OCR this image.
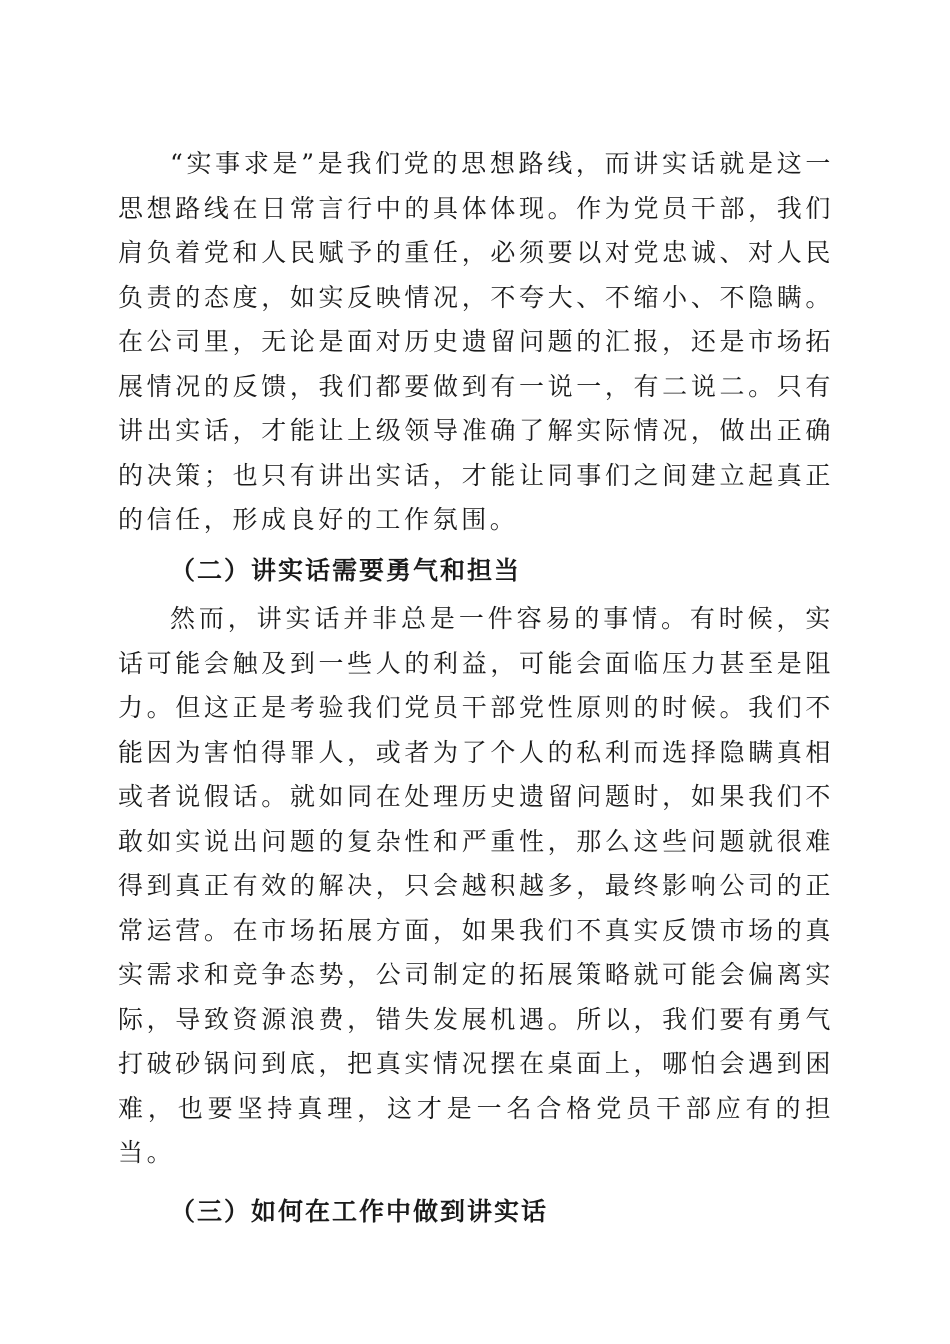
“实事求是”是我们党的思想路线，而讲实话就是这一思想路线在日常言行中的具体体现。作为党员干部，我们肩负着党和人民赋予的重任，必须要以对党忠诚、对人民负责的态度，如实反映情况，不夸大、不缩小、不隐瞒。在公司里，无论是面对历史遗留问题的汇报，还是市场拓展情况的反馈，我们都要做到有一说一，有二说二。只有讲出实话，才能让上级领导准确了解实际情况，做出正确的决策；也只有讲出实话，才能让同事们之间建立起真正的信任，形成良好的工作氛围。

（二）讲实话需要勇气和担当

然而，讲实话并非总是一件容易的事情。有时候，实话可能会触及到一些人的利益，可能会面临压力甚至是阻力。但这正是考验我们党员干部党性原则的时候。我们不能因为害怕得罪人，或者为了个人的私利而选择隐瞒真相或者说假话。就如同在处理历史遗留问题时，如果我们不敢如实说出问题的复杂性和严重性，那么这些问题就很难得到真正有效的解决，只会越积越多，最终影响公司的正常运营。在市场拓展方面，如果我们不真实反馈市场的真实需求和竞争态势，公司制定的拓展策略就可能会偏离实际，导致资源浪费，错失发展机遇。所以，我们要有勇气打破砂锅问到底，把真实情况摆在桌面上，哪怕会遇到困难，也要坚持真理，这才是一名合格党员干部应有的担当。

（三）如何在工作中做到讲实话
